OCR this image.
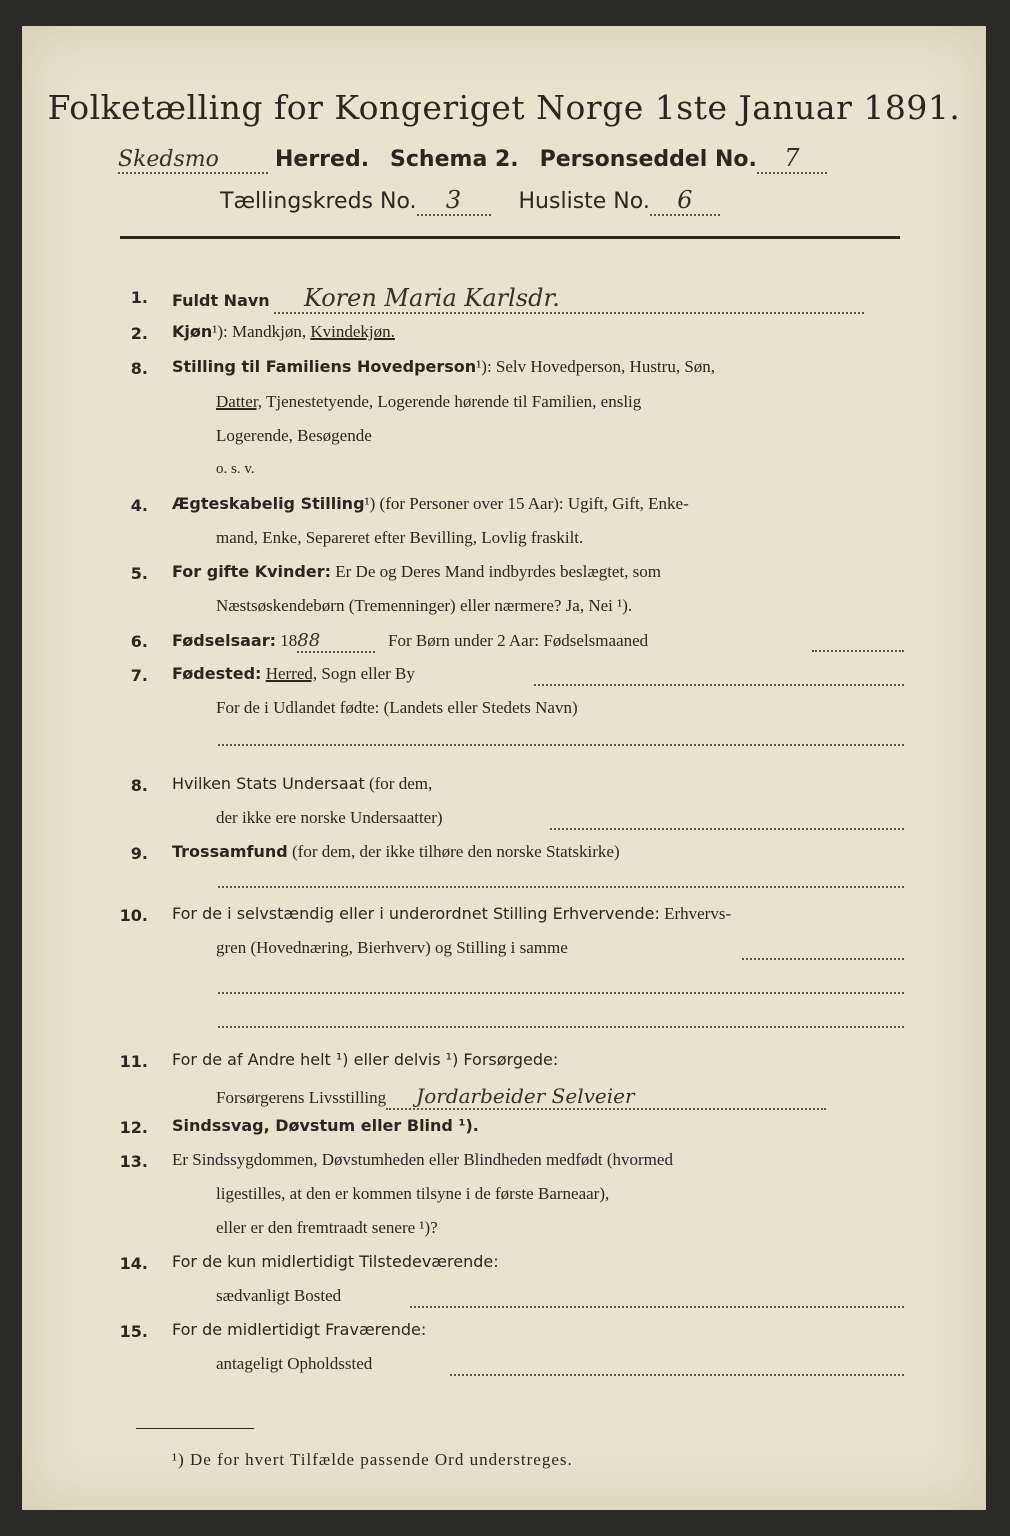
Folketælling for Kongeriget Norge 1ste Januar 1891.
Skedsmo	Herred. Schema 2. Personseddel No. 7
Tællingskreds No. 3	Husliste No. 6
1. Fuldt Navn Koren Maria Karlsdr.
2. Kjøn¹): Mandkjøn, Kvindekjøn.
8. Stilling til Familiens Hovedperson¹): Selv Hovedperson, Hustru, Søn,
Datter, Tjenestetyende, Logerende hørende til Familien, enslig
Logerende, Besøgende
o. s. v.
4. Ægteskabelig Stilling¹) (for Personer over 15 Aar): Ugift, Gift, Enke-
mand, Enke, Separeret efter Bevilling, Lovlig fraskilt.
5. For gifte Kvinder: Er De og Deres Mand indbyrdes beslægtet, som
Næstsøskendebørn (Tremenninger) eller nærmere? Ja, Nei ¹).
6. Fødselsaar: 1888	For Børn under 2 Aar: Fødselsmaaned
7. Fødested: Herred, Sogn eller By
For de i Udlandet fødte: (Landets eller Stedets Navn)
8. Hvilken Stats Undersaat (for dem,
der ikke ere norske Undersaatter)
9. Trossamfund (for dem, der ikke tilhøre den norske Statskirke)
10. For de i selvstændig eller i underordnet Stilling Erhvervende: Erhvervs-
gren (Hovednæring, Bierhverv) og Stilling i samme
11. For de af Andre helt ¹) eller delvis ¹) Forsørgede:
Forsørgerens Livsstilling Jordarbeider Selveier
12. Sindssvag, Døvstum eller Blind ¹).
13. Er Sindssygdommen, Døvstumheden eller Blindheden medfødt (hvormed
ligestilles, at den er kommen tilsyne i de første Barneaar),
eller er den fremtraadt senere ¹)?
14. For de kun midlertidigt Tilstedeværende:
sædvanligt Bosted
15. For de midlertidigt Fraværende:
antageligt Opholdssted
¹) De for hvert Tilfælde passende Ord understreges.
